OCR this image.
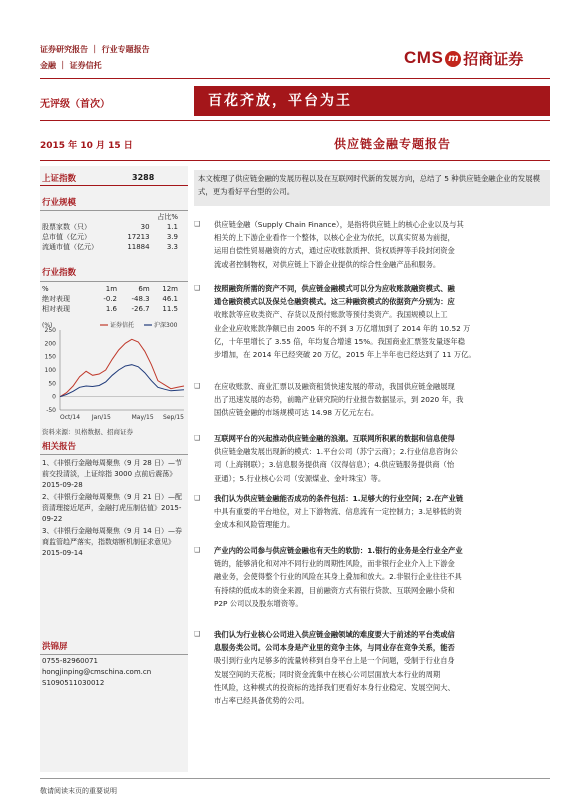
证券研究报告 ｜ 行业专题报告
金融 ｜ 证券信托	CMS m 招商证券
无评级（首次）	百花齐放，平台为王
2015 年 10 月 15 日	供应链金融专题报告
上证指数	3288
行业规模
		占比%
股票家数（只）	30	1.1
总市值（亿元）	17213	3.9
流通市值（亿元）	11884	3.3
行业指数
%	1m	6m	12m
绝对表现	-0.2	-48.3	46.1
相对表现	1.6	-26.7	11.5
(%)
250
200
150
100
50
0
-50
Oct/14 Jan/15	May/15 Sep/15
证券信托	沪深300
资料来源：贝格数据、招商证券
相关报告
1、《非银行金融每周聚焦（9 月 28 日）—节前交投清淡，上证综指 3000 点前后震荡》2015-09-28
2、《非银行金融每周聚焦（9 月 21 日）—配资清理接近尾声，金融打虎压制估值》2015-09-22
3、《非银行金融每周聚焦（9 月 14 日）—券商监管趋严落实，指数熔断机制征求意见》2015-09-14
洪锦屏
0755-82960071
hongjinping@cmschina.com.cn
S1090511030012
本文梳理了供应链金融的发展历程以及在互联网时代新的发展方向，总结了 5 种供应链金融企业的发展模式，更为看好平台型的公司。
❑ 供应链金融（Supply Chain Finance），是指将供应链上的核心企业以及与其
相关的上下游企业看作一个整体，以核心企业为依托，以真实贸易为前提，
运用自偿性贸易融资的方式，通过应收账款质押、货权质押等手段封闭资金
流或者控制物权，对供应链上下游企业提供的综合性金融产品和服务。
❑ 按照融资所需的资产不同，供应链金融模式可以分为应收账款融资模式、融
通仓融资模式以及保兑仓融资模式。这三种融资模式的依据资产分别为：应
收账款等应收类资产、存货以及预付账款等预付类资产。我国规模以上工
业企业应收账款净额已由 2005 年的不到 3 万亿增加到了 2014 年的 10.52 万
亿，十年里增长了 3.55 倍，年均复合增速 15%。我国商业汇票签发量逐年稳
步增加，在 2014 年已经突破 20 万亿，2015 年上半年也已经达到了 11 万亿。
❑ 在应收账款、商业汇票以及融资租赁快速发展的带动，我国供应链金融展现
出了迅速发展的态势，前瞻产业研究院的行业报告数据显示，到 2020 年，我
国供应链金融的市场规模可达 14.98 万亿元左右。
❑ 互联网平台的兴起推动供应链金融的浪潮。互联网所积累的数据和信息使得
供应链金融发展出现新的模式：1.平台公司（苏宁云商）；2.行业信息咨询公
司（上海钢联）；3.信息服务提供商（汉得信息）；4.供应链服务提供商（怡
亚通）；5.行业核心公司（安源煤业、金叶珠宝）等。
❑ 我们认为供应链金融能否成功的条件包括：1.足够大的行业空间；2.在产业链
中具有重要的平台地位，对上下游物流、信息流有一定控制力；3.足够低的资
金成本和风险管理能力。
❑ 产业内的公司参与供应链金融也有天生的软肋：1.银行的业务是全行业全产业
链的，能够消化和对冲不同行业的周期性风险，而非银行企业介入上下游金
融业务，会使得整个行业的风险在其身上叠加和放大。2.非银行企业往往不具
有持续的低成本的资金来源，目前融资方式有银行贷款、互联网金融小贷和
P2P 公司以及股东增资等。
❑ 我们认为行业核心公司进入供应链金融领域的难度要大于前述的平台类或信
息服务类公司。公司本身是产业里的竞争主体，与同业存在竞争关系，能否
吸引到行业内足够多的流量转移到自身平台上是一个问题，受制于行业自身
发展空间的天花板；同时资金流集中在核心公司层面放大本行业的周期
性风险，这种模式的投资标的选择我们更看好本身行业稳定、发展空间大、
市占率已经具备优势的公司。
敬请阅读末页的重要说明
